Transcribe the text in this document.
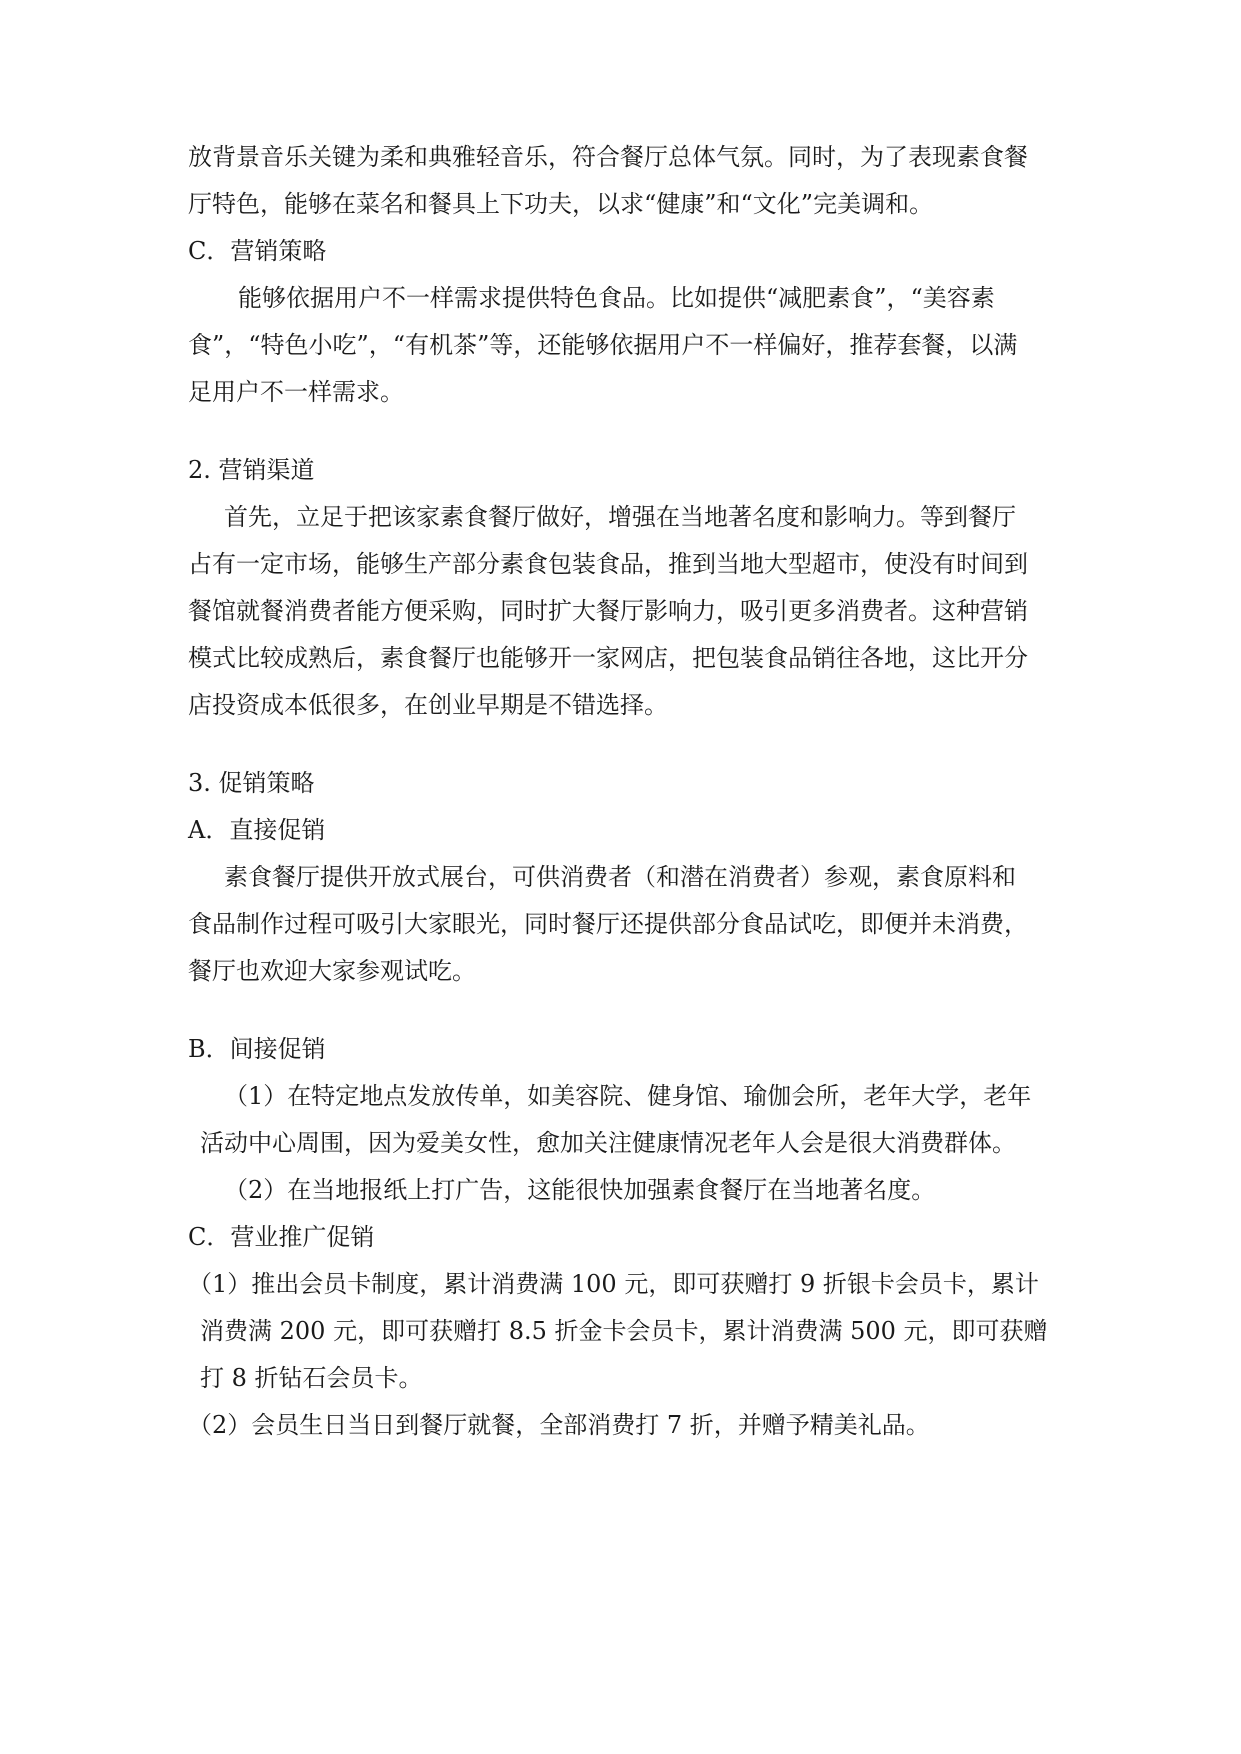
放背景音乐关键为柔和典雅轻音乐，符合餐厅总体气氛。同时，为了表现素食餐
厅特色，能够在菜名和餐具上下功夫，以求“健康”和“文化”完美调和。
C．营销策略
能够依据用户不一样需求提供特色食品。比如提供“减肥素食”，“美容素
食”，“特色小吃”，“有机茶”等，还能够依据用户不一样偏好，推荐套餐，以满
足用户不一样需求。
2. 营销渠道
首先，立足于把该家素食餐厅做好，增强在当地著名度和影响力。等到餐厅
占有一定市场，能够生产部分素食包装食品，推到当地大型超市，使没有时间到
餐馆就餐消费者能方便采购，同时扩大餐厅影响力，吸引更多消费者。这种营销
模式比较成熟后，素食餐厅也能够开一家网店，把包装食品销往各地，这比开分
店投资成本低很多，在创业早期是不错选择。
3. 促销策略
A．直接促销
素食餐厅提供开放式展台，可供消费者（和潜在消费者）参观，素食原料和
食品制作过程可吸引大家眼光，同时餐厅还提供部分食品试吃，即便并未消费，
餐厅也欢迎大家参观试吃。
B．间接促销
（1）在特定地点发放传单，如美容院、健身馆、瑜伽会所，老年大学，老年
活动中心周围，因为爱美女性，愈加关注健康情况老年人会是很大消费群体。
（2）在当地报纸上打广告，这能很快加强素食餐厅在当地著名度。
C．营业推广促销
（1）推出会员卡制度，累计消费满 100 元，即可获赠打 9 折银卡会员卡，累计
消费满 200 元，即可获赠打 8.5 折金卡会员卡，累计消费满 500 元，即可获赠
打 8 折钻石会员卡。
（2）会员生日当日到餐厅就餐，全部消费打 7 折，并赠予精美礼品。
